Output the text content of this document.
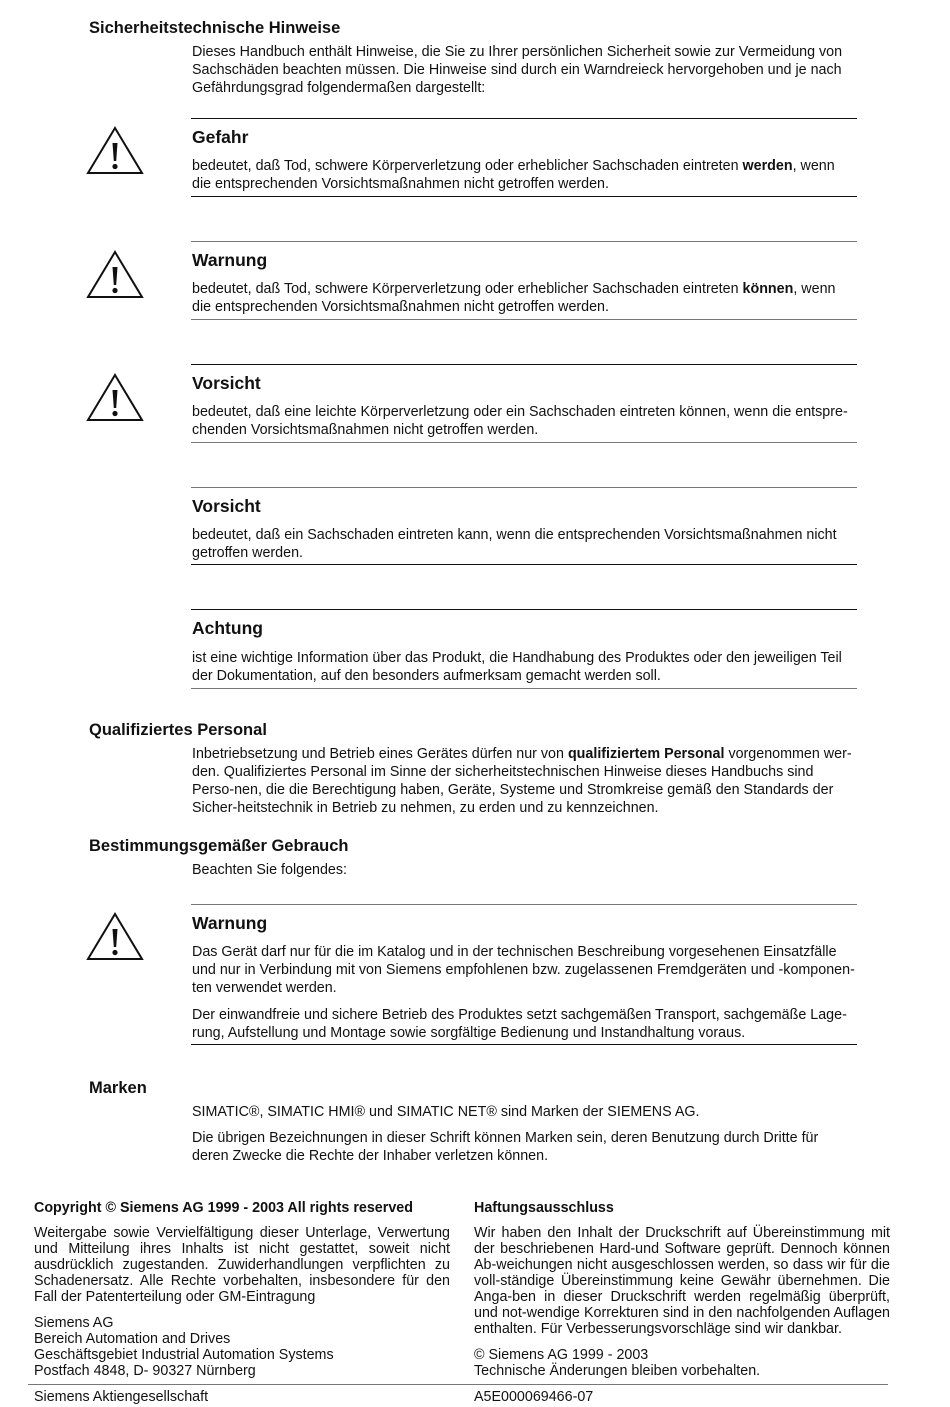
Sicherheitstechnische Hinweise
Dieses Handbuch enthält Hinweise, die Sie zu Ihrer persönlichen Sicherheit sowie zur Vermeidung von Sachschäden beachten müssen. Die Hinweise sind durch ein Warndreieck hervorgehoben und je nach Gefährdungsgrad folgendermaßen dargestellt:
Gefahr
bedeutet, daß Tod, schwere Körperverletzung oder erheblicher Sachschaden eintreten werden, wenn die entsprechenden Vorsichtsmaßnahmen nicht getroffen werden.
Warnung
bedeutet, daß Tod, schwere Körperverletzung oder erheblicher Sachschaden eintreten können, wenn die entsprechenden Vorsichtsmaßnahmen nicht getroffen werden.
Vorsicht
bedeutet, daß eine leichte Körperverletzung oder ein Sachschaden eintreten können, wenn die entspre-chenden Vorsichtsmaßnahmen nicht getroffen werden.
Vorsicht
bedeutet, daß ein Sachschaden eintreten kann, wenn die entsprechenden Vorsichtsmaßnahmen nicht getroffen werden.
Achtung
ist eine wichtige Information über das Produkt, die Handhabung des Produktes oder den jeweiligen Teil der Dokumentation, auf den besonders aufmerksam gemacht werden soll.
Qualifiziertes Personal
Inbetriebsetzung und Betrieb eines Gerätes dürfen nur von qualifiziertem Personal vorgenommen wer-den. Qualifiziertes Personal im Sinne der sicherheitstechnischen Hinweise dieses Handbuchs sind Perso-nen, die die Berechtigung haben, Geräte, Systeme und Stromkreise gemäß den Standards der Sicher-heitstechnik in Betrieb zu nehmen, zu erden und zu kennzeichnen.
Bestimmungsgemäßer Gebrauch
Beachten Sie folgendes:
Warnung
Das Gerät darf nur für die im Katalog und in der technischen Beschreibung vorgesehenen Einsatzfälle und nur in Verbindung mit von Siemens empfohlenen bzw. zugelassenen Fremdgeräten und -komponen-ten verwendet werden.
Der einwandfreie und sichere Betrieb des Produktes setzt sachgemäßen Transport, sachgemäße Lage-rung, Aufstellung und Montage sowie sorgfältige Bedienung und Instandhaltung voraus.
Marken
SIMATIC®, SIMATIC HMI® und SIMATIC NET® sind Marken der SIEMENS AG.
Die übrigen Bezeichnungen in dieser Schrift können Marken sein, deren Benutzung durch Dritte für deren Zwecke die Rechte der Inhaber verletzen können.
Copyright © Siemens AG 1999 - 2003 All rights reserved
Weitergabe sowie Vervielfältigung dieser Unterlage, Verwertung und Mitteilung ihres Inhalts ist nicht gestattet, soweit nicht ausdrücklich zugestanden. Zuwiderhandlungen verpflichten zu Schadenersatz. Alle Rechte vorbehalten, insbesondere für den Fall der Patenterteilung oder GM-Eintragung
Siemens AG
Bereich Automation and Drives
Geschäftsgebiet Industrial Automation Systems
Postfach 4848, D- 90327 Nürnberg
Haftungsausschluss
Wir haben den Inhalt der Druckschrift auf Übereinstimmung mit der beschriebenen Hard-und Software geprüft. Dennoch können Ab-weichungen nicht ausgeschlossen werden, so dass wir für die voll-ständige Übereinstimmung keine Gewähr übernehmen. Die Anga-ben in dieser Druckschrift werden regelmäßig überprüft, und not-wendige Korrekturen sind in den nachfolgenden Auflagen enthalten. Für Verbesserungsvorschläge sind wir dankbar.
© Siemens AG 1999 - 2003
Technische Änderungen bleiben vorbehalten.
Siemens Aktiengesellschaft	A5E000069466-07
